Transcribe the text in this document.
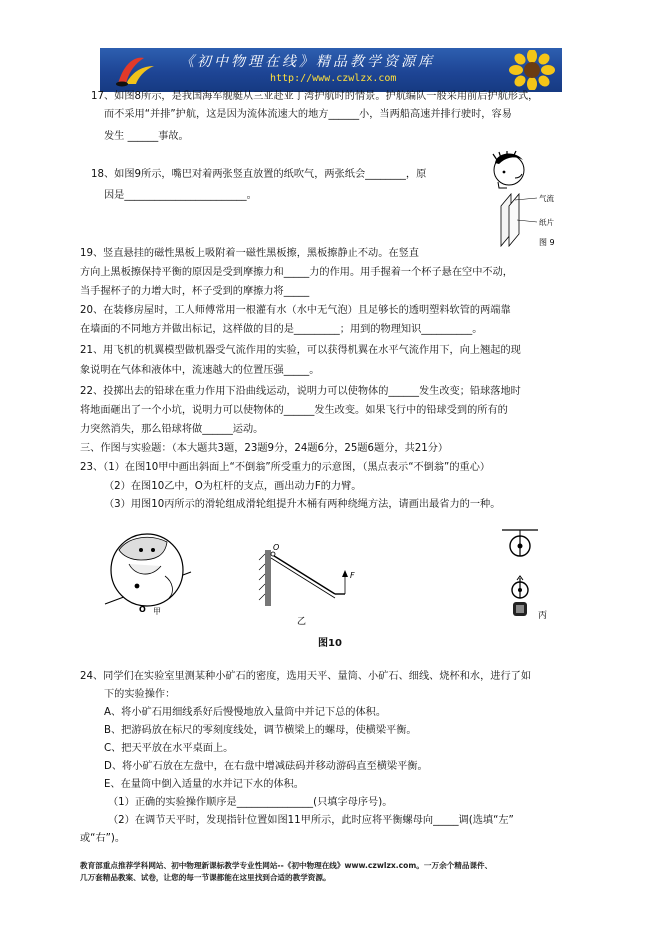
《初中物理在线》精品教学资源库
http://www.czwlzx.com
17、如图8所示，是我国海军舰艇从三亚赴亚丁湾护航时的情景。护航编队一般采用前后护航形式，
而不采用“并排”护航，这是因为流体流速大的地方______小，当两船高速并排行驶时，容易
发生 ______事故。
18、如图9所示，嘴巴对着两张竖直放置的纸吹气，两张纸会________，原
因是________________________。
19、竖直悬挂的磁性黑板上吸附着一磁性黑板擦，黑板擦静止不动。在竖直
方向上黑板擦保持平衡的原因是受到摩擦力和_____力的作用。用手握着一个杯子悬在空中不动，
当手握杯子的力增大时，杯子受到的摩擦力将_____
20、在装修房屋时，工人师傅常用一根灌有水（水中无气泡）且足够长的透明塑料软管的两端靠
在墙面的不同地方并做出标记，这样做的目的是_________；用到的物理知识__________。
21、用飞机的机翼模型做机器受气流作用的实验，可以获得机翼在水平气流作用下，向上翘起的现
象说明在气体和液体中，流速越大的位置压强_____。
22、投掷出去的铅球在重力作用下沿曲线运动，说明力可以使物体的______发生改变；铅球落地时
将地面砸出了一个小坑，说明力可以使物体的______发生改变。如果飞行中的铅球受到的所有的
力突然消失，那么铅球将做______运动。
三、作图与实验题：（本大题共3题，23题9分，24题6分，25题6题分，共21分）
23、（1）在图10甲中画出斜面上“不倒翁”所受重力的示意图，（黑点表示“不倒翁”的重心）
（2）在图10乙中，O为杠杆的支点，画出动力F的力臂。
（3）用图10丙所示的滑轮组成滑轮组提升木桶有两种绕绳方法，请画出最省力的一种。
24、同学们在实验室里测某种小矿石的密度，选用天平、量筒、小矿石、细线、烧杯和水，进行了如
下的实验操作：
A、将小矿石用细线系好后慢慢地放入量筒中并记下总的体积。
B、把游码放在标尺的零刻度线处，调节横梁上的螺母，使横梁平衡。
C、把天平放在水平桌面上。
D、将小矿石放在左盘中，在右盘中增减砝码并移动游码直至横梁平衡。
E、在量筒中倒入适量的水并记下水的体积。
（1）正确的实验操作顺序是_______________(只填字母序号)。
（2）在调节天平时，发现指针位置如图11甲所示，此时应将平衡螺母向_____调(选填“左”
或“右”)。
气流
纸片
图 9
O 甲
O
F
乙
丙
图10
教育部重点推荐学科网站、初中物理新课标教学专业性网站--《初中物理在线》www.czwlzx.com。一万余个精品课件、
几万套精品教案、试卷，让您的每一节课都能在这里找到合适的教学资源。
